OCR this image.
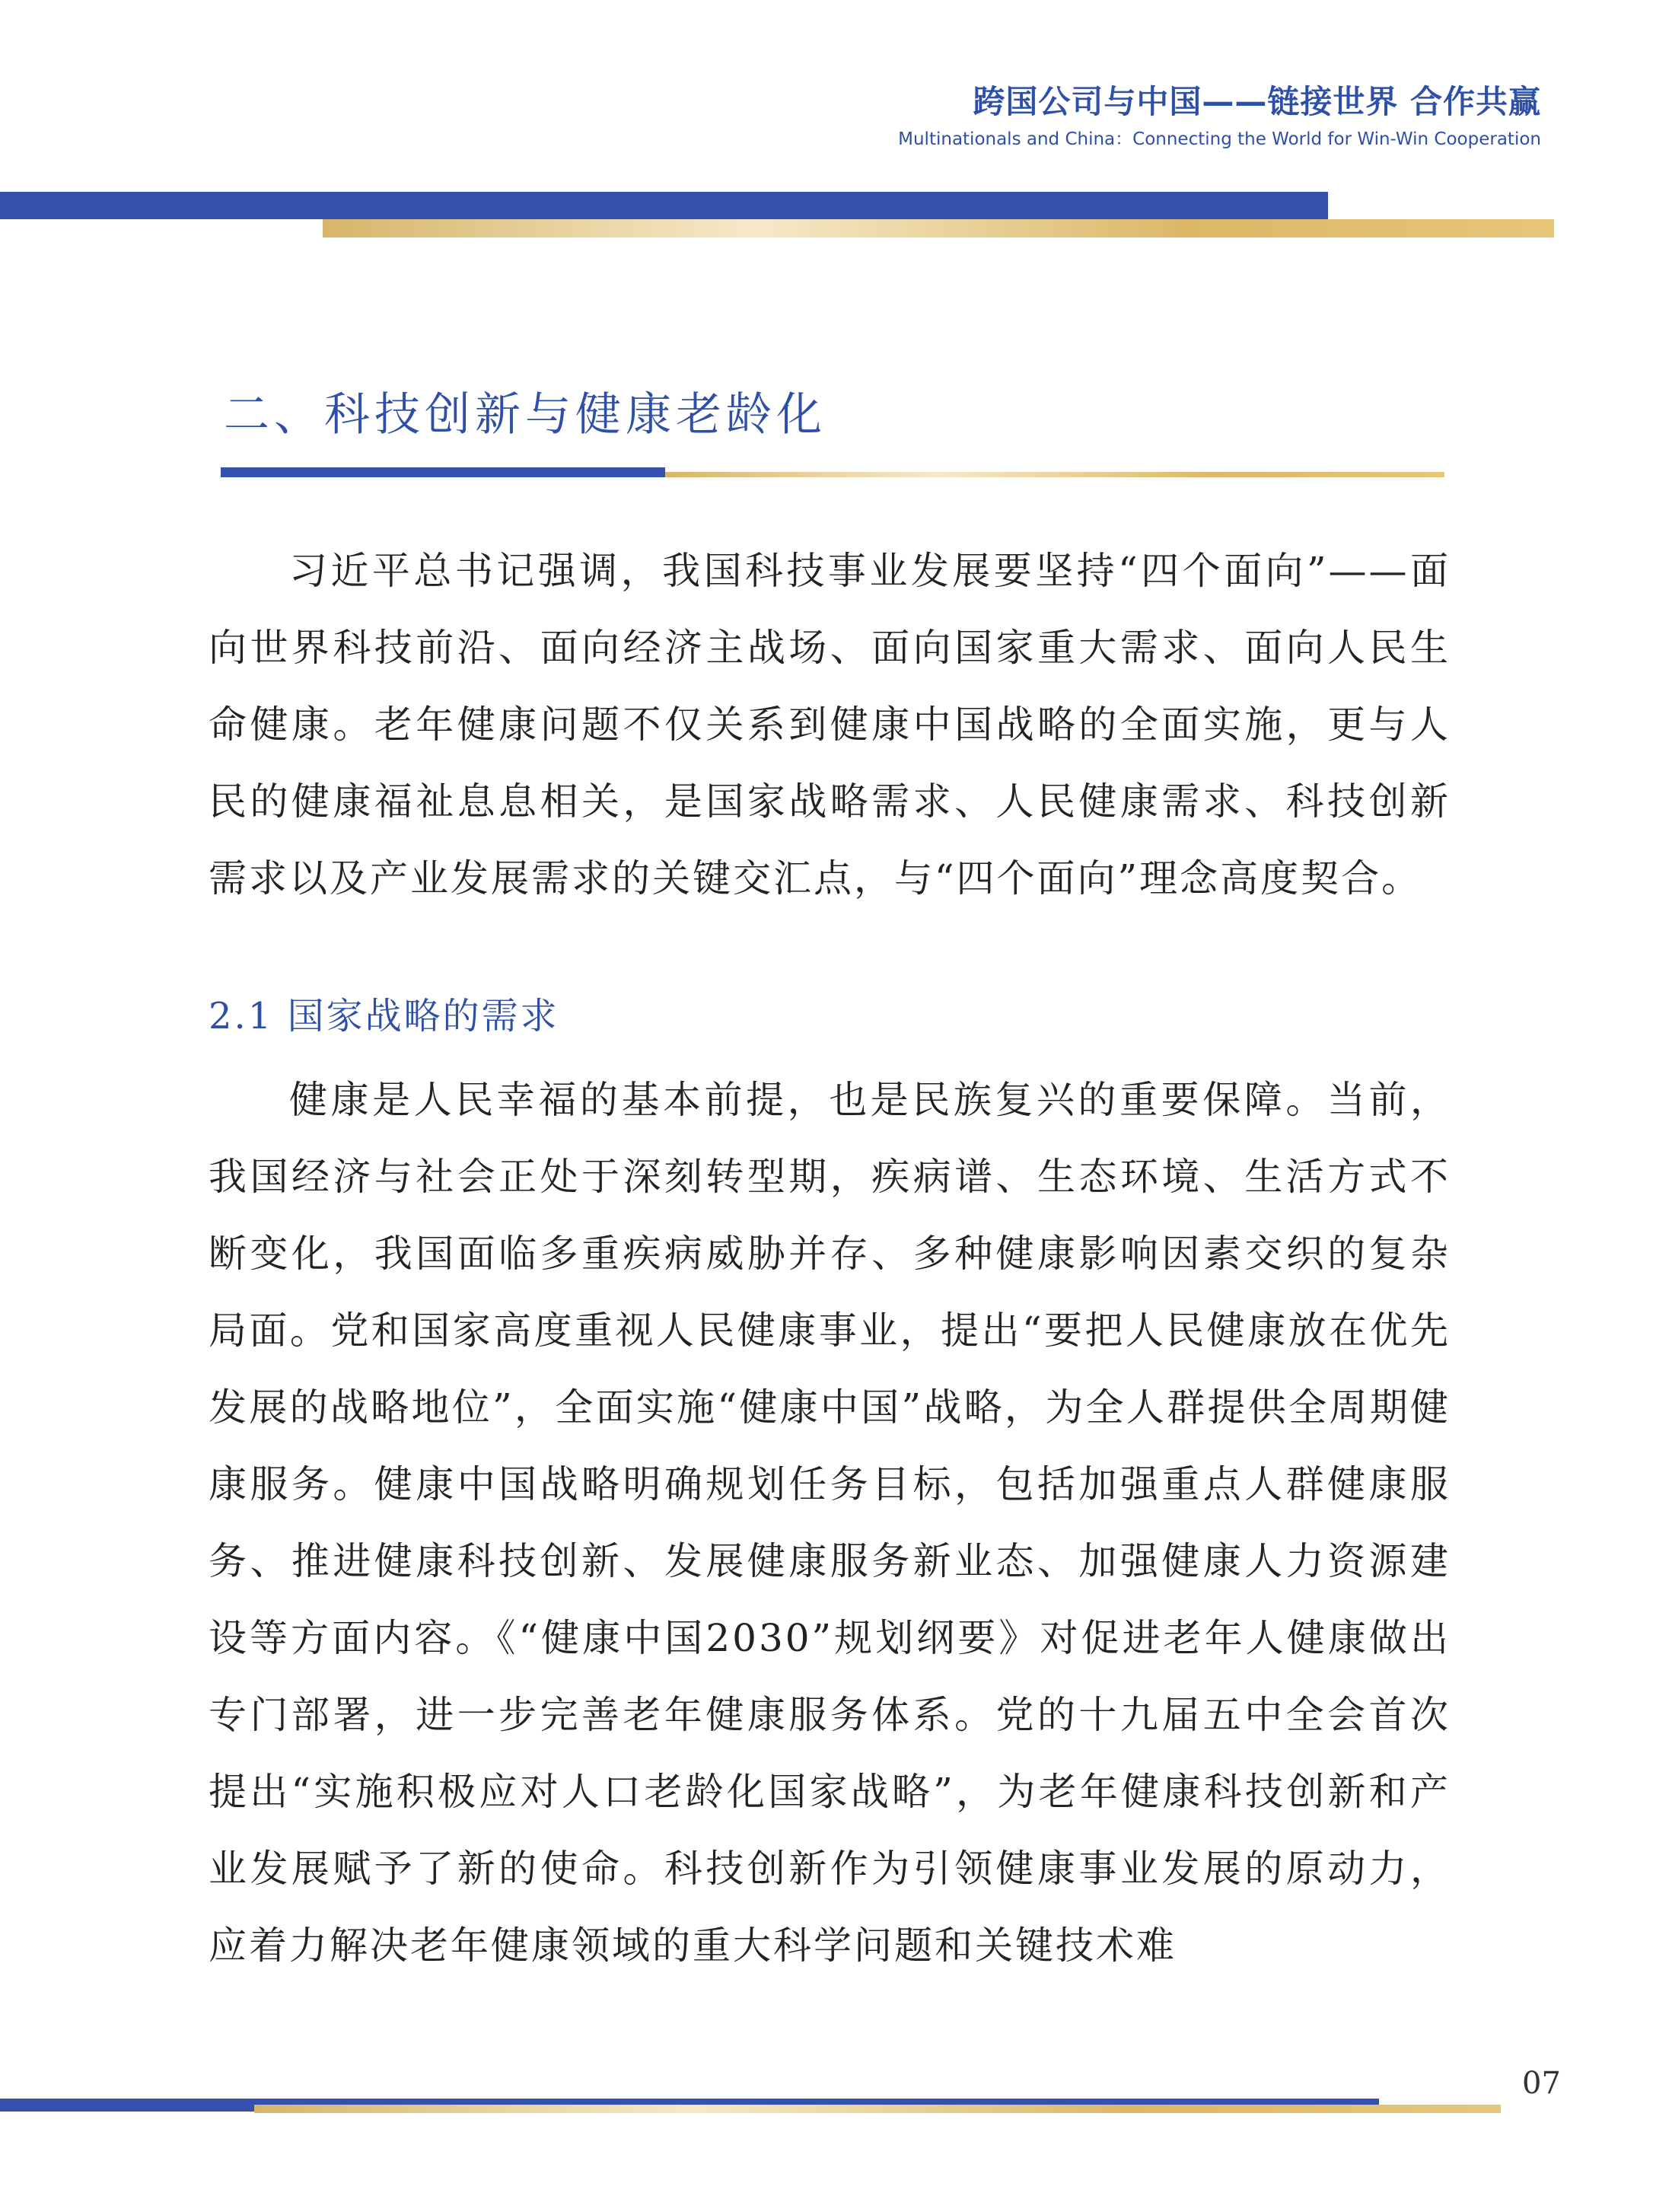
跨国公司与中国——链接世界 合作共赢
Multinationals and China：Connecting the World for Win-Win Cooperation
二、科技创新与健康老龄化

习近平总书记强调，我国科技事业发展要坚持“四个面向”——面向世界科技前沿、面向经济主战场、面向国家重大需求、面向人民生命健康。老年健康问题不仅关系到健康中国战略的全面实施，更与人民的健康福祉息息相关，是国家战略需求、人民健康需求、科技创新需求以及产业发展需求的关键交汇点，与“四个面向”理念高度契合。

2.1 国家战略的需求

健康是人民幸福的基本前提，也是民族复兴的重要保障。当前，我国经济与社会正处于深刻转型期，疾病谱、生态环境、生活方式不断变化，我国面临多重疾病威胁并存、多种健康影响因素交织的复杂局面。党和国家高度重视人民健康事业，提出“要把人民健康放在优先发展的战略地位”，全面实施“健康中国”战略，为全人群提供全周期健康服务。健康中国战略明确规划任务目标，包括加强重点人群健康服务、推进健康科技创新、发展健康服务新业态、加强健康人力资源建设等方面内容。《“健康中国2030”规划纲要》对促进老年人健康做出专门部署，进一步完善老年健康服务体系。党的十九届五中全会首次提出“实施积极应对人口老龄化国家战略”，为老年健康科技创新和产业发展赋予了新的使命。科技创新作为引领健康事业发展的原动力，应着力解决老年健康领域的重大科学问题和关键技术难

07
